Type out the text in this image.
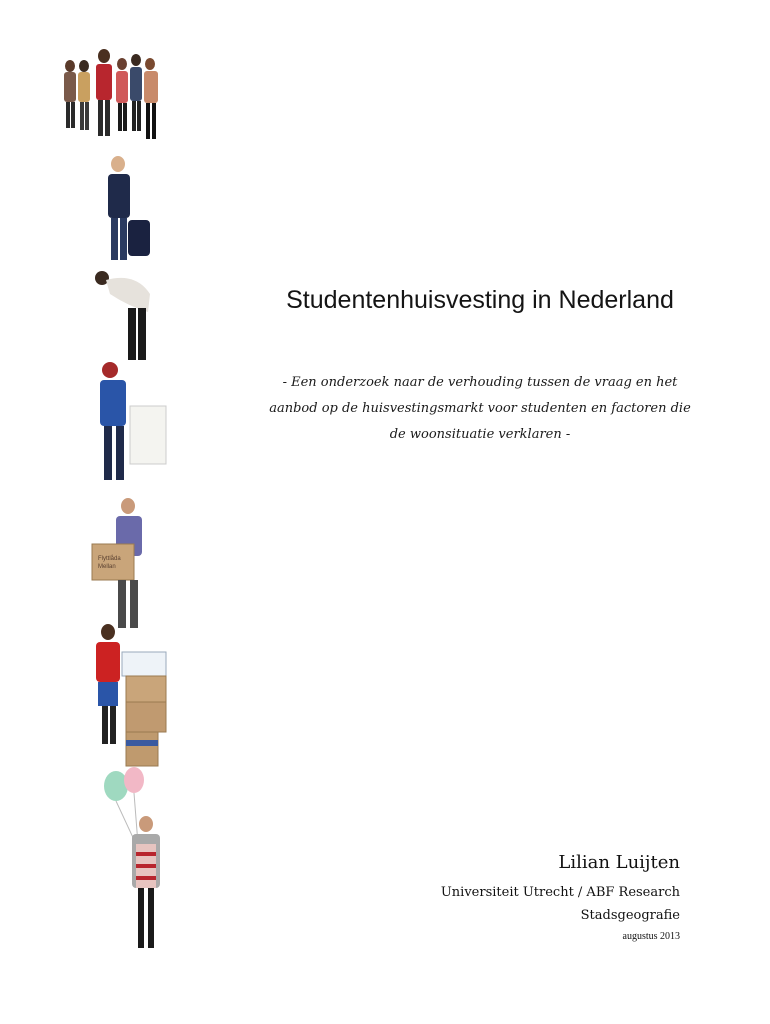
Flyttlåda
Mellan
Studentenhuisvesting in Nederland

- Een onderzoek naar de verhouding tussen de vraag en het aanbod op de huisvestingsmarkt voor studenten en factoren die de woonsituatie verklaren -

Lilian Luijten

Universiteit Utrecht / ABF Research

Stadsgeografie

augustus 2013
